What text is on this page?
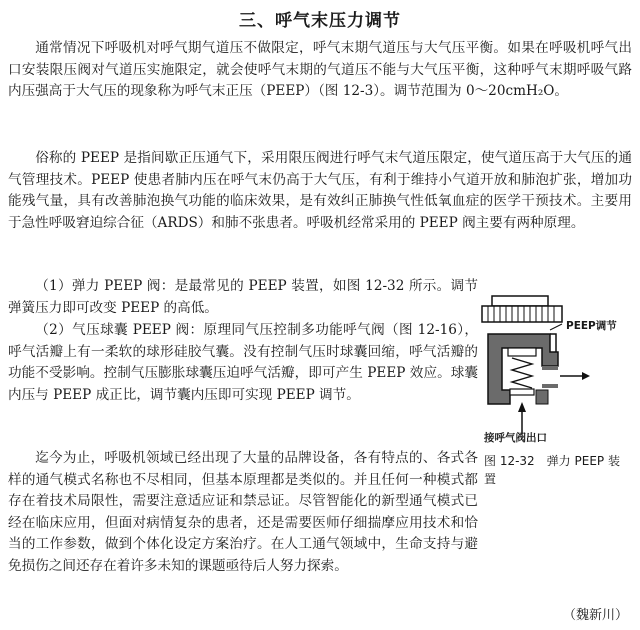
三、呼气末压力调节

通常情况下呼吸机对呼气期气道压不做限定，呼气末期气道压与大气压平衡。如果在呼吸机呼气出口安装限压阀对气道压实施限定，就会使呼气末期的气道压不能与大气压平衡，这种呼气末期呼吸气路内压强高于大气压的现象称为呼气末正压（PEEP）（图 12-3）。调节范围为 0～20cmH₂O。

俗称的 PEEP 是指间歇正压通气下，采用限压阀进行呼气末气道压限定，使气道压高于大气压的通气管理技术。PEEP 使患者肺内压在呼气末仍高于大气压，有利于维持小气道开放和肺泡扩张，增加功能残气量，具有改善肺泡换气功能的临床效果，是有效纠正肺换气性低氧血症的医学干预技术。主要用于急性呼吸窘迫综合征（ARDS）和肺不张患者。呼吸机经常采用的 PEEP 阀主要有两种原理。

（1）弹力 PEEP 阀：是最常见的 PEEP 装置，如图 12-32 所示。调节弹簧压力即可改变 PEEP 的高低。

（2）气压球囊 PEEP 阀：原理同气压控制多功能呼气阀（图 12-16），呼气活瓣上有一柔软的球形硅胶气囊。没有控制气压时球囊回缩，呼气活瓣的功能不受影响。控制气压膨胀球囊压迫呼气活瓣，即可产生 PEEP 效应。球囊内压与 PEEP 成正比，调节囊内压即可实现 PEEP 调节。

迄今为止，呼吸机领域已经出现了大量的品牌设备，各有特点的、各式各样的通气模式名称也不尽相同，但基本原理都是类似的。并且任何一种模式都存在着技术局限性，需要注意适应证和禁忌证。尽管智能化的新型通气模式已经在临床应用，但面对病情复杂的患者，还是需要医师仔细揣摩应用技术和恰当的工作参数，做到个体化设定方案治疗。在人工通气领域中，生命支持与避免损伤之间还存在着许多未知的课题亟待后人努力探索。

PEEP调节
接呼气阀出口
图 12-32　弹力 PEEP 装置
（魏新川）
